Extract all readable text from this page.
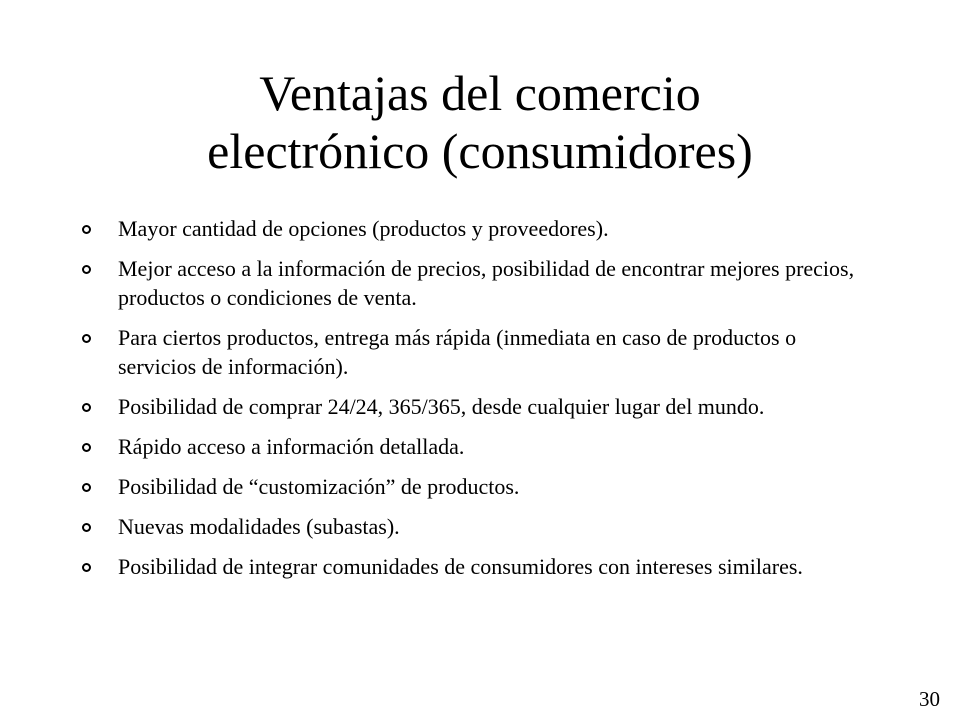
Ventajas del comercio
electrónico (consumidores)
Mayor cantidad de opciones (productos y proveedores).
Mejor acceso a la información de precios, posibilidad de encontrar mejores precios, productos o condiciones de venta.
Para ciertos productos, entrega más rápida (inmediata en caso de productos o servicios de información).
Posibilidad de comprar 24/24, 365/365, desde cualquier lugar del mundo.
Rápido acceso a información detallada.
Posibilidad de “customización” de productos.
Nuevas modalidades (subastas).
Posibilidad de integrar comunidades de consumidores con intereses similares.
30
